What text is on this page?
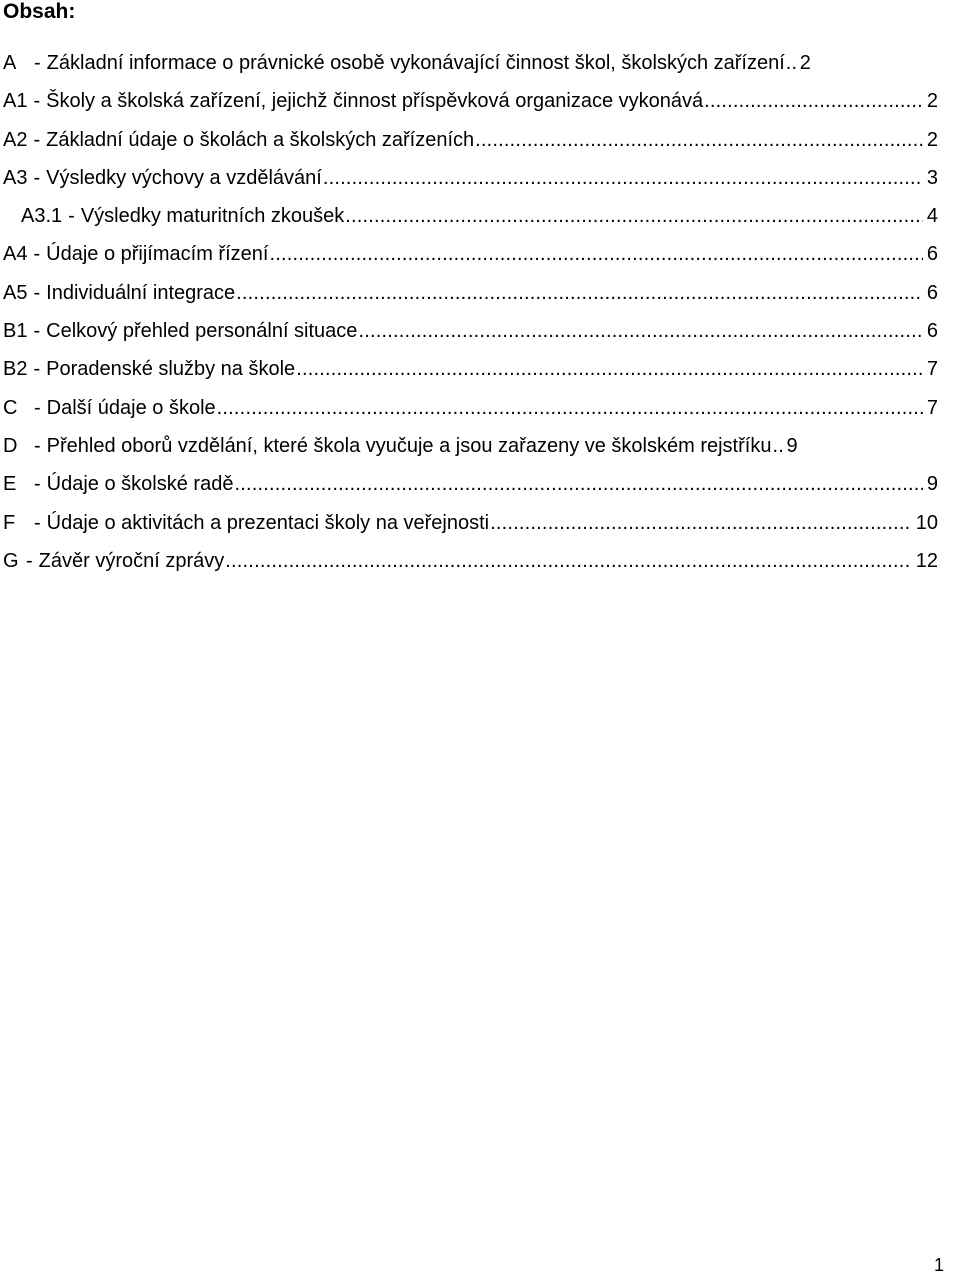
Obsah:
A - Základní informace o právnické osobě vykonávající činnost škol, školských zařízení ..... 2
A1 - Školy a školská zařízení, jejichž činnost příspěvková organizace vykonává .....	2
A2 - Základní údaje o školách a školských zařízeních .....	2
A3 - Výsledky výchovy a vzdělávání .....	3
A3.1 - Výsledky maturitních zkoušek .....	4
A4 - Údaje o přijímacím řízení .....	6
A5 - Individuální integrace .....	6
B1 - Celkový přehled personální situace .....	6
B2 - Poradenské služby na škole .....	7
C - Další údaje o škole .....	7
D - Přehled oborů vzdělání, které škola vyučuje a jsou zařazeny ve školském rejstříku ..... 9
E - Údaje o školské radě .....	9
F - Údaje o aktivitách a prezentaci školy na veřejnosti .....	10
G - Závěr výroční zprávy .....	12
1
